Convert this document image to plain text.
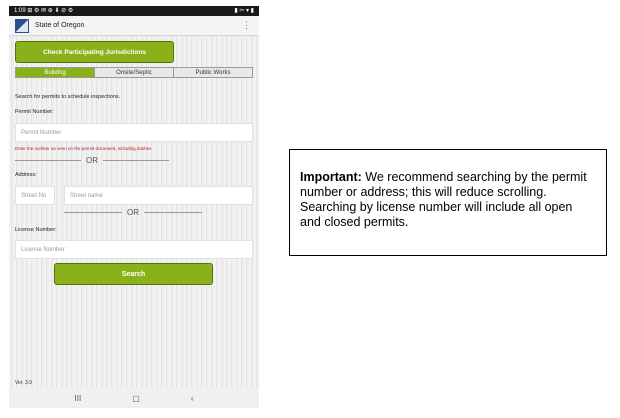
1:09 ⊞ ⚙ ✉ ⊕ ⬇ ⊘ ⚙	▮ ✂ ▾ ▮
State of Oregon	⋮
Check Participating Jurisdictions
Building	Onsite/Septic	Public Works
Search for permits to schedule inspections.
Permit Number:
Permit Number
Enter the number as seen on the permit document, including dashes.
OR
Address:
Street No	Street name
OR
License Number:
License Number
Search
Ver. 3.9
III	▢	‹
Important: We recommend searching by the permit number or address; this will reduce scrolling. Searching by license number will include all open and closed permits.
